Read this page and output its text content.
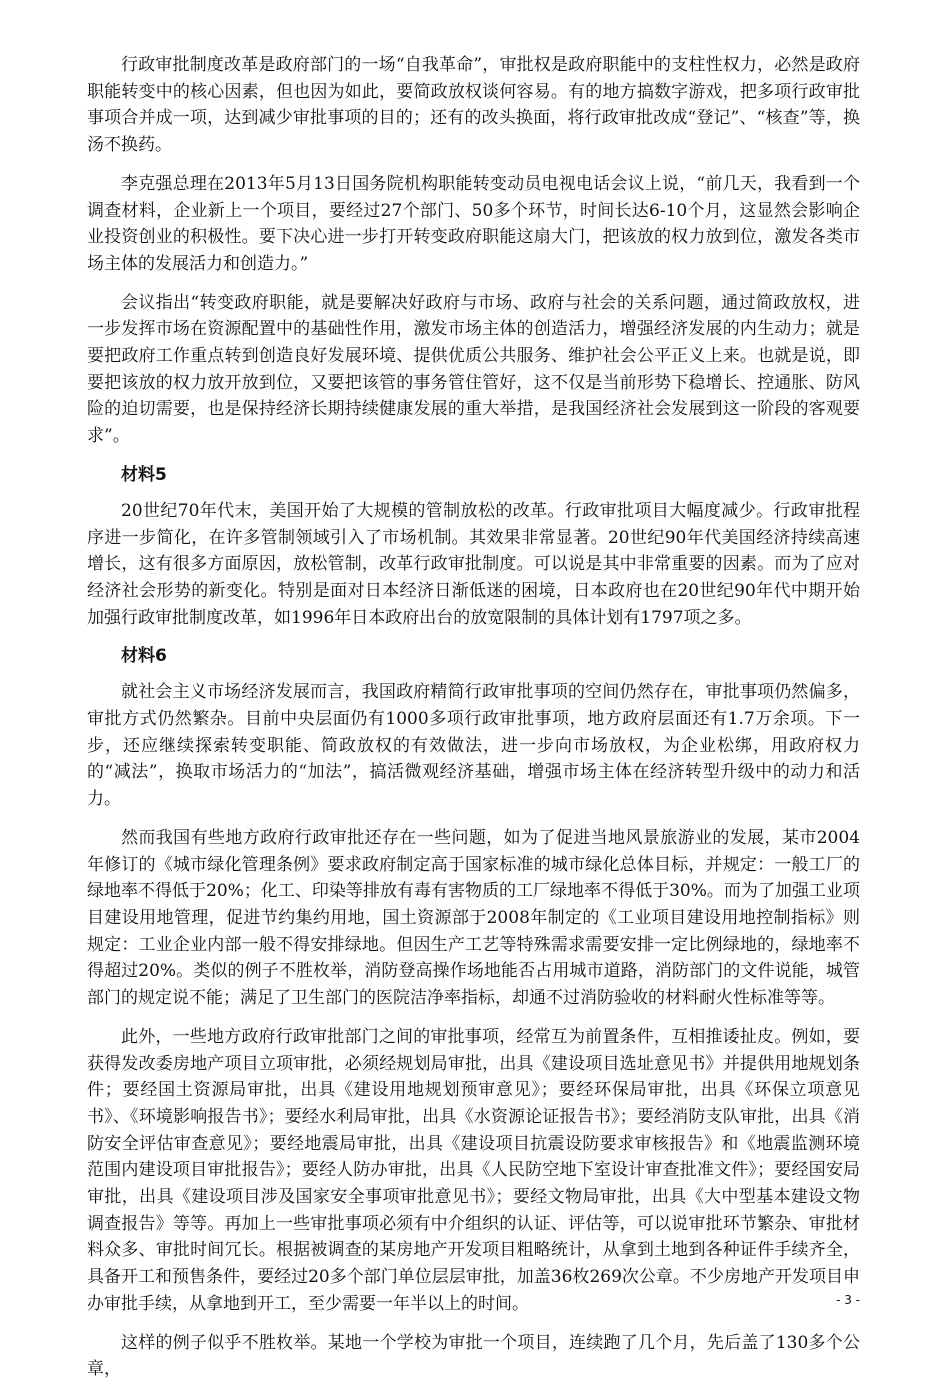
行政审批制度改革是政府部门的一场“自我革命”，审批权是政府职能中的支柱性权力，必然是政府职能转变中的核心因素，但也因为如此，要简政放权谈何容易。有的地方搞数字游戏，把多项行政审批事项合并成一项，达到减少审批事项的目的；还有的改头换面，将行政审批改成“登记”、“核查”等，换汤不换药。

李克强总理在2013年5月13日国务院机构职能转变动员电视电话会议上说，“前几天，我看到一个调查材料，企业新上一个项目，要经过27个部门、50多个环节，时间长达6-10个月，这显然会影响企业投资创业的积极性。要下决心进一步打开转变政府职能这扇大门，把该放的权力放到位，激发各类市场主体的发展活力和创造力。”

会议指出“转变政府职能，就是要解决好政府与市场、政府与社会的关系问题，通过简政放权，进一步发挥市场在资源配置中的基础性作用，激发市场主体的创造活力，增强经济发展的内生动力；就是要把政府工作重点转到创造良好发展环境、提供优质公共服务、维护社会公平正义上来。也就是说，即要把该放的权力放开放到位，又要把该管的事务管住管好，这不仅是当前形势下稳增长、控通胀、防风险的迫切需要，也是保持经济长期持续健康发展的重大举措，是我国经济社会发展到这一阶段的客观要求”。

材料5

20世纪70年代末，美国开始了大规模的管制放松的改革。行政审批项目大幅度减少。行政审批程序进一步简化，在许多管制领域引入了市场机制。其效果非常显著。20世纪90年代美国经济持续高速增长，这有很多方面原因，放松管制，改革行政审批制度。可以说是其中非常重要的因素。而为了应对经济社会形势的新变化。特别是面对日本经济日渐低迷的困境，日本政府也在20世纪90年代中期开始加强行政审批制度改革，如1996年日本政府出台的放宽限制的具体计划有1797项之多。

材料6

就社会主义市场经济发展而言，我国政府精简行政审批事项的空间仍然存在，审批事项仍然偏多，审批方式仍然繁杂。目前中央层面仍有1000多项行政审批事项，地方政府层面还有1.7万余项。下一步，还应继续探索转变职能、简政放权的有效做法，进一步向市场放权，为企业松绑，用政府权力的“减法”，换取市场活力的“加法”，搞活微观经济基础，增强市场主体在经济转型升级中的动力和活力。

然而我国有些地方政府行政审批还存在一些问题，如为了促进当地风景旅游业的发展，某市2004年修订的《城市绿化管理条例》要求政府制定高于国家标准的城市绿化总体目标，并规定：一般工厂的绿地率不得低于20%；化工、印染等排放有毒有害物质的工厂绿地率不得低于30%。而为了加强工业项目建设用地管理，促进节约集约用地，国土资源部于2008年制定的《工业项目建设用地控制指标》则规定：工业企业内部一般不得安排绿地。但因生产工艺等特殊需求需要安排一定比例绿地的，绿地率不得超过20%。类似的例子不胜枚举，消防登高操作场地能否占用城市道路，消防部门的文件说能，城管部门的规定说不能；满足了卫生部门的医院洁净率指标，却通不过消防验收的材料耐火性标准等等。

此外，一些地方政府行政审批部门之间的审批事项，经常互为前置条件，互相推诿扯皮。例如，要获得发改委房地产项目立项审批，必须经规划局审批，出具《建设项目选址意见书》并提供用地规划条件；要经国土资源局审批，出具《建设用地规划预审意见》；要经环保局审批，出具《环保立项意见书》、《环境影响报告书》；要经水利局审批，出具《水资源论证报告书》；要经消防支队审批，出具《消防安全评估审查意见》；要经地震局审批，出具《建设项目抗震设防要求审核报告》和《地震监测环境范围内建设项目审批报告》；要经人防办审批，出具《人民防空地下室设计审查批准文件》；要经国安局审批，出具《建设项目涉及国家安全事项审批意见书》；要经文物局审批，出具《大中型基本建设文物调查报告》等等。再加上一些审批事项必须有中介组织的认证、评估等，可以说审批环节繁杂、审批材料众多、审批时间冗长。根据被调查的某房地产开发项目粗略统计，从拿到土地到各种证件手续齐全，具备开工和预售条件，要经过20多个部门单位层层审批，加盖36枚269次公章。不少房地产开发项目申办审批手续，从拿地到开工，至少需要一年半以上的时间。

这样的例子似乎不胜枚举。某地一个学校为审批一个项目，连续跑了几个月，先后盖了130多个公章，

- 3 -
